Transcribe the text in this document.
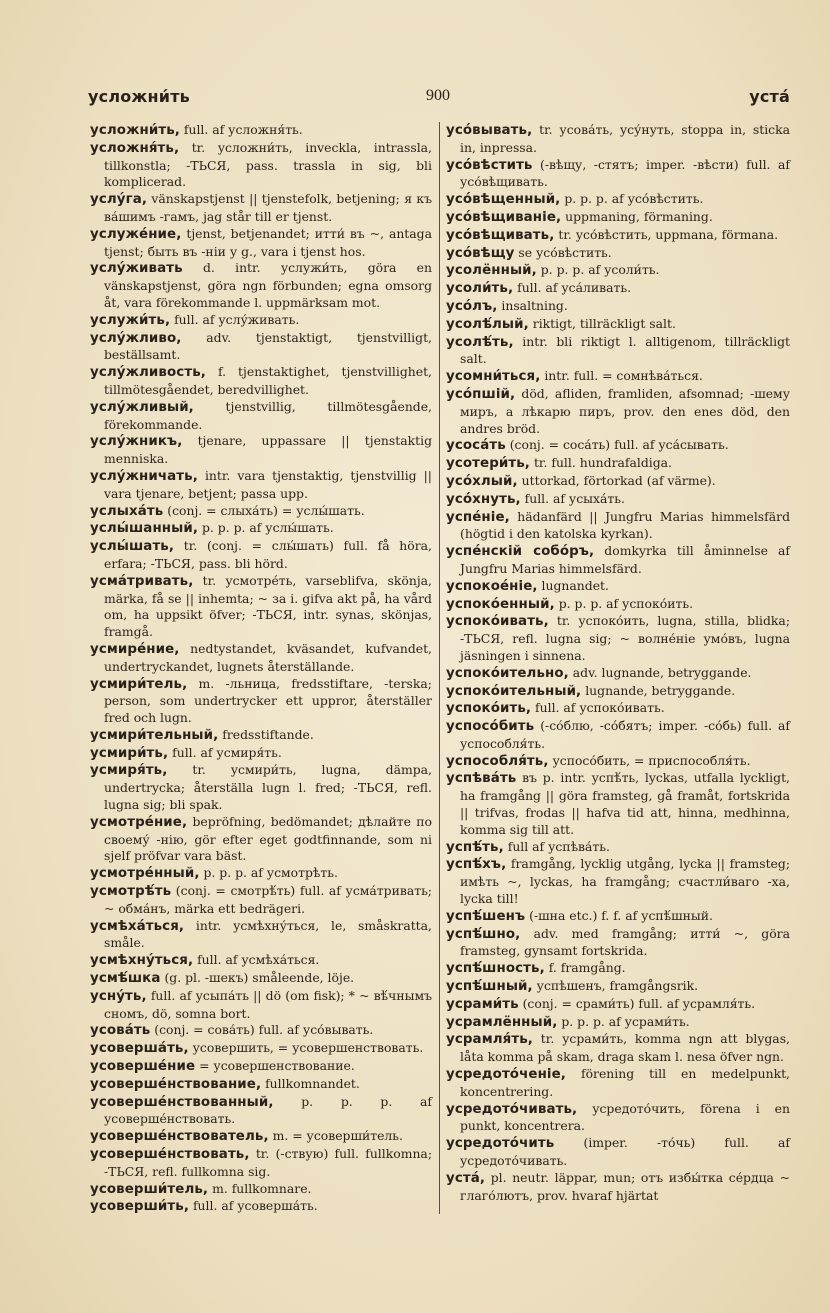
усложни́ть	900	уста́
усложни́ть, full. af усложня́ть.
усложня́ть, tr. усложни́ть, inveckla, intrassla, tillkonstla; -ТЬСЯ, pass. trassla in sig, bli komplicerad.
услу́га, vänskapstjenst || tjenstefolk, betjening; я къ ва́шимъ -гамъ, jag står till er tjenst.
услуже́ние, tjenst, betjenandet; итти́ въ ~, antaga tjenst; быть въ -нiи у g., vara i tjenst hos.
услу́живать d. intr. услужи́ть, göra en vänskapstjenst, göra ngn förbunden; egna omsorg åt, vara förekommande l. uppmärksam mot.
услужи́ть, full. af услу́живать.
услу́жливо, adv. tjenstaktigt, tjenstvilligt, beställsamt.
услу́жливость, f. tjenstaktighet, tjenstvillighet, tillmötesgåendet, beredvillighet.
услу́жливый, tjenstvillig, tillmötesgående, förekommande.
услу́жникъ, tjenare, uppassare || tjenstaktig menniska.
услу́жничать, intr. vara tjenstaktig, tjenstvillig || vara tjenare, betjent; passa upp.
услыха́ть (conj. = слыха́ть) = услы́шать.
услы́шанный, p. p. p. af услы́шать.
услы́шать, tr. (conj. = слы́шать) full. få höra, erfara; -ТЬСЯ, pass. bli hörd.
усма́тривать, tr. усмотре́ть, varseblifva, skönja, märka, få se || inhemta; ~ за i. gifva akt på, ha vård om, ha uppsikt öfver; -ТЬСЯ, intr. synas, skönjas, framgå.
усмире́ние, nedtystandet, kväsandet, kufvandet, undertryckandet, lugnets återställande.
усмири́тель, m. -льница, fredsstiftare, -terska; person, som undertrycker ett uppror, återställer fred och lugn.
усмири́тельный, fredsstiftande.
усмири́ть, full. af усмиря́ть.
усмиря́ть, tr. усмири́ть, lugna, dämpa, undertrycka; återställa lugn l. fred; -ТЬСЯ, refl. lugna sig; bli spak.
усмотре́ние, bepröfning, bedömandet; дѣлайте по своему́ -нiю, gör efter eget godtfinnande, som ni sjelf pröfvar vara bäst.
усмотре́нный, p. p. p. af усмотрѣть.
усмотрѣ́ть (conj. = смотрѣ́ть) full. af усма́тривать; ~ обма́нъ, märka ett bedrägeri.
усмѣха́ться, intr. усмѣхну́ться, le, småskratta, småle.
усмѣхну́ться, full. af усмѣха́ться.
усмѣ́шка (g. pl. -шекъ) småleende, löje.
усну́ть, full. af усыпа́ть || dö (om fisk); * ~ вѣ́чнымъ сномъ, dö, somna bort.
усова́ть (conj. = сова́ть) full. af усо́вывать.
усоверша́ть, усовершить, = усовершенствовать.
усоверше́ние = усовершенствование.
усоверше́нствование, fullkomnandet.
усоверше́нствованный, p. p. p. af усоверше́нствовать.
усоверше́нствователь, m. = усоверши́тель.
усоверше́нствовать, tr. (-ствую) full. fullkomna; -ТЬСЯ, refl. fullkomna sig.
усоверши́тель, m. fullkomnare.
усоверши́ть, full. af усоверша́ть.
усо́вывать, tr. усова́ть, усу́нуть, stoppa in, sticka in, inpressa.
усо́вѣстить (-вѣщу, -стятъ; imper. -вѣсти) full. af усо́вѣщивать.
усо́вѣщенный, p. p. p. af усо́вѣстить.
усо́вѣщиванiе, uppmaning, förmaning.
усо́вѣщивать, tr. усо́вѣстить, uppmana, förmana.
усо́вѣщу se усо́вѣстить.
усолённый, p. p. p. af усоли́ть.
усоли́ть, full. af уса́ливать.
усо́лъ, insaltning.
усолѣ́лый, riktigt, tillräckligt salt.
усолѣ́ть, intr. bli riktigt l. alltigenom, tillräckligt salt.
усомни́ться, intr. full. = сомнѣва́ться.
усо́пшiй, död, afliden, framliden, afsomnad; -шему миръ, а лѣкарю пиръ, prov. den enes död, den andres bröd.
усоса́ть (conj. = соса́ть) full. af уса́сывать.
усотери́ть, tr. full. hundrafaldiga.
усо́хлый, uttorkad, förtorkad (af värme).
усо́хнуть, full. af усыха́ть.
успе́нiе, hädanfärd || Jungfru Marias himmelsfärd (högtid i den katolska kyrkan).
успе́нскiй собо́ръ, domkyrka till åminnelse af Jungfru Marias himmelsfärd.
успокое́нiе, lugnandet.
успоко́енный, p. p. p. af успоко́ить.
успоко́ивать, tr. успоко́ить, lugna, stilla, blidka; -ТЬСЯ, refl. lugna sig; ~ волне́нiе умо́въ, lugna jäsningen i sinnena.
успоко́ительно, adv. lugnande, betryggande.
успоко́ительный, lugnande, betryggande.
успоко́ить, full. af успоко́ивать.
успосо́бить (-со́блю, -со́бятъ; imper. -со́бь) full. af успособля́ть.
успособля́ть, успосо́бить, = приспособля́ть.
успѣва́ть въ p. intr. успѣ́ть, lyckas, utfalla lyckligt, ha framgång || göra framsteg, gå framåt, fortskrida || trifvas, frodas || hafva tid att, hinna, medhinna, komma sig till att.
успѣ́ть, full af успѣва́ть.
успѣ́хъ, framgång, lycklig utgång, lycka || framsteg; имѣть ~, lyckas, ha framgång; счастли́ваго -ха, lycka till!
успѣ́шенъ (-шна etc.) f. f. af успѣ́шный.
успѣ́шно, adv. med framgång; итти́ ~, göra framsteg, gynsamt fortskrida.
успѣ́шность, f. framgång.
успѣ́шный, успѣшенъ, framgångsrik.
усрами́ть (conj. = срами́ть) full. af усрамля́ть.
усрамлённый, p. p. p. af усрами́ть.
усрамля́ть, tr. усрами́ть, komma ngn att blygas, låta komma på skam, draga skam l. nesa öfver ngn.
усредото́ченiе, förening till en medelpunkt, koncentrering.
усредото́чивать, усредото́чить, förena i en punkt, koncentrera.
усредото́чить (imper. -то́чь) full. af усредото́чивать.
уста́, pl. neutr. läppar, mun; отъ избы́тка се́рдца ~ глаго́лютъ, prov. hvaraf hjärtat
